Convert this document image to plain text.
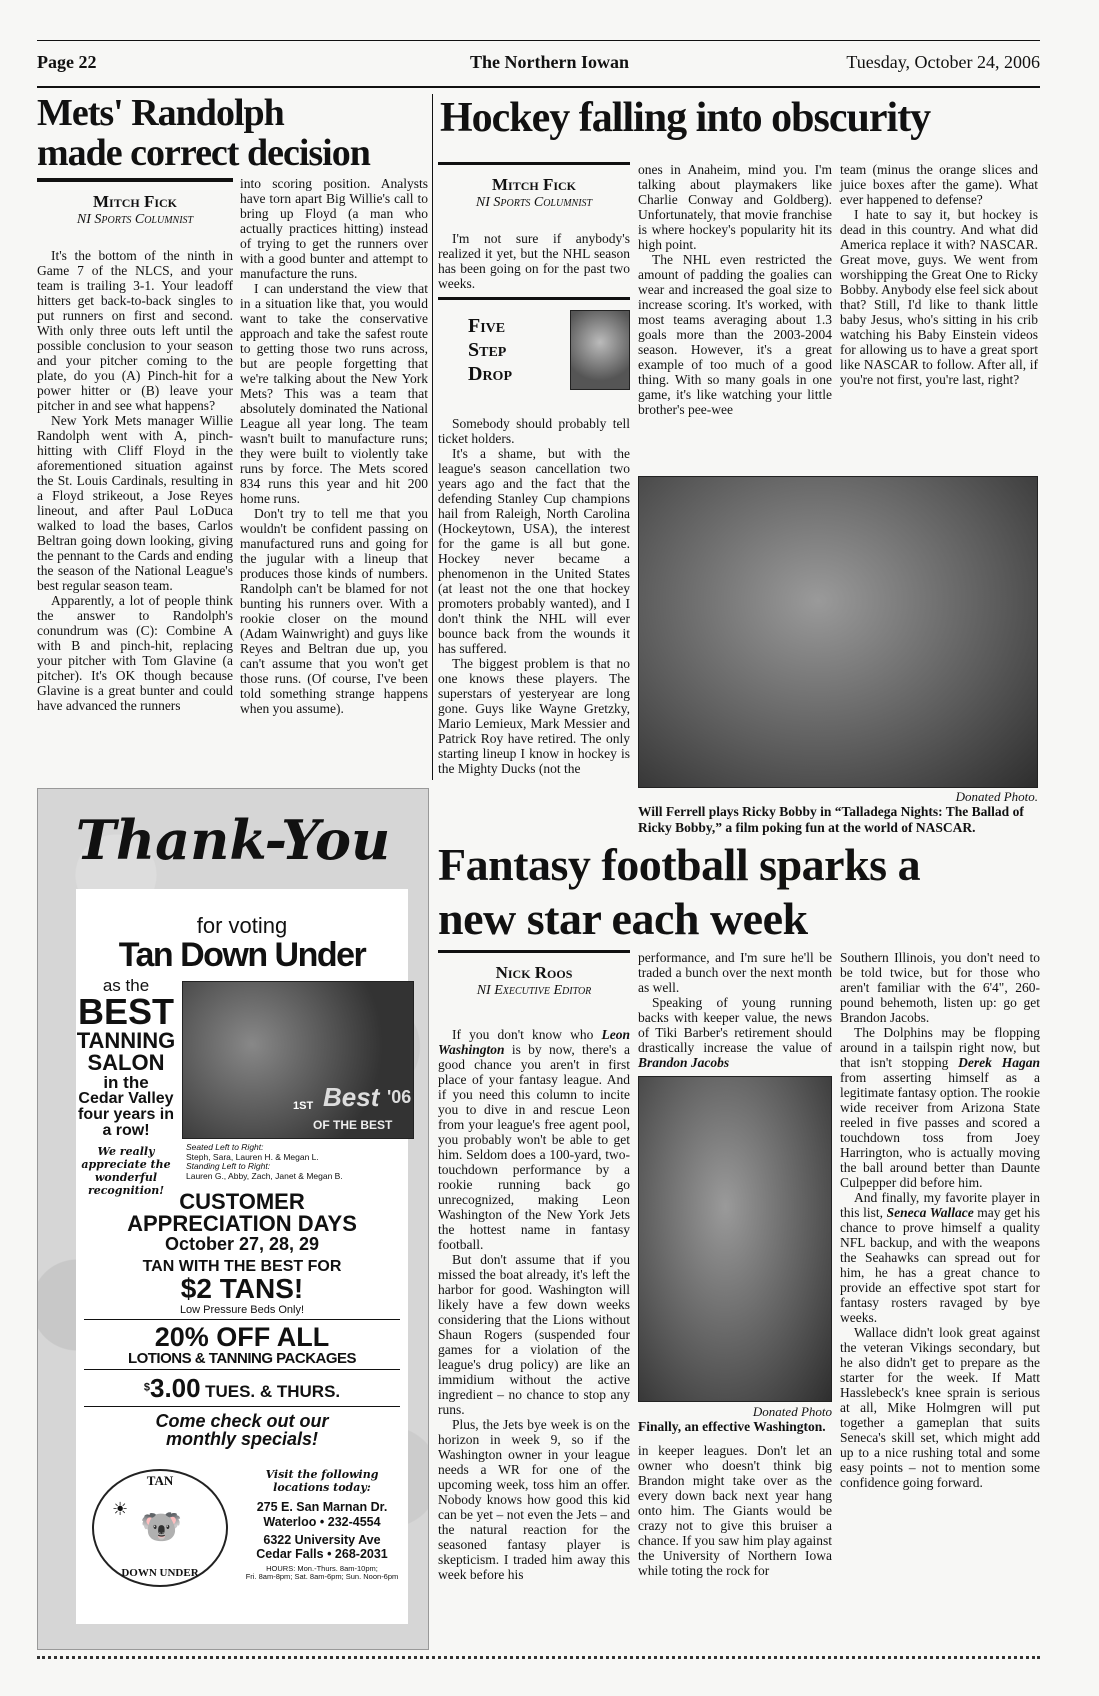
Page 22	The Northern Iowan	Tuesday, October 24, 2006
Mets' Randolph
made correct decision
Mitch Fick
NI Sports Columnist

It's the bottom of the ninth in Game 7 of the NLCS, and your team is trailing 3-1. Your leadoff hitters get back-to-back singles to put runners on first and second. With only three outs left until the possible conclusion to your season and your pitcher coming to the plate, do you (A) Pinch-hit for a power hitter or (B) leave your pitcher in and see what happens?

New York Mets manager Willie Randolph went with A, pinch-hitting with Cliff Floyd in the aforementioned situation against the St. Louis Cardinals, resulting in a Floyd strikeout, a Jose Reyes lineout, and after Paul LoDuca walked to load the bases, Carlos Beltran going down looking, giving the pennant to the Cards and ending the season of the National League's best regular season team.

Apparently, a lot of people think the answer to Randolph's conundrum was (C): Combine A with B and pinch-hit, replacing your pitcher with Tom Glavine (a pitcher). It's OK though because Glavine is a great bunter and could have advanced the runners

into scoring position. Analysts have torn apart Big Willie's call to bring up Floyd (a man who actually practices hitting) instead of trying to get the runners over with a good bunter and attempt to manufacture the runs.

I can understand the view that in a situation like that, you would want to take the conservative approach and take the safest route to getting those two runs across, but are people forgetting that we're talking about the New York Mets? This was a team that absolutely dominated the National League all year long. The team wasn't built to manufacture runs; they were built to violently take runs by force. The Mets scored 834 runs this year and hit 200 home runs.

Don't try to tell me that you wouldn't be confident passing on manufactured runs and going for the jugular with a lineup that produces those kinds of numbers. Randolph can't be blamed for not bunting his runners over. With a rookie closer on the mound (Adam Wainwright) and guys like Reyes and Beltran due up, you can't assume that you won't get those runs. (Of course, I've been told something strange happens when you assume).

Hockey falling into obscurity
Mitch Fick
NI Sports Columnist

I'm not sure if anybody's realized it yet, but the NHL season has been going on for the past two weeks.

Five
Step
Drop

Somebody should probably tell ticket holders.

It's a shame, but with the league's season cancellation two years ago and the fact that the defending Stanley Cup champions hail from Raleigh, North Carolina (Hockeytown, USA), the interest for the game is all but gone. Hockey never became a phenomenon in the United States (at least not the one that hockey promoters probably wanted), and I don't think the NHL will ever bounce back from the wounds it has suffered.

The biggest problem is that no one knows these players. The superstars of yesteryear are long gone. Guys like Wayne Gretzky, Mario Lemieux, Mark Messier and Patrick Roy have retired. The only starting lineup I know in hockey is the Mighty Ducks (not the

ones in Anaheim, mind you. I'm talking about playmakers like Charlie Conway and Goldberg). Unfortunately, that movie franchise is where hockey's popularity hit its high point.

The NHL even restricted the amount of padding the goalies can wear and increased the goal size to increase scoring. It's worked, with most teams averaging about 1.3 goals more than the 2003-2004 season. However, it's a great example of too much of a good thing. With so many goals in one game, it's like watching your little brother's pee-wee

team (minus the orange slices and juice boxes after the game). What ever happened to defense?

I hate to say it, but hockey is dead in this country. And what did America replace it with? NASCAR. Great move, guys. We went from worshipping the Great One to Ricky Bobby. Anybody else feel sick about that? Still, I'd like to thank little baby Jesus, who's sitting in his crib watching his Baby Einstein videos for allowing us to have a great sport like NASCAR to follow. After all, if you're not first, you're last, right?

Donated Photo.
Will Ferrell plays Ricky Bobby in “Talladega Nights: The Ballad of Ricky Bobby,” a film poking fun at the world of NASCAR.
Fantasy football sparks a
new star each week
Nick Roos
NI Executive Editor

If you don't know who Leon Washington is by now, there's a good chance you aren't in first place of your fantasy league. And if you need this column to incite you to dive in and rescue Leon from your league's free agent pool, you probably won't be able to get him. Seldom does a 100-yard, two-touchdown performance by a rookie running back go unrecognized, making Leon Washington of the New York Jets the hottest name in fantasy football.

But don't assume that if you missed the boat already, it's left the harbor for good. Washington will likely have a few down weeks considering that the Lions without Shaun Rogers (suspended four games for a violation of the league's drug policy) are like an immidium without the active ingredient – no chance to stop any runs.

Plus, the Jets bye week is on the horizon in week 9, so if the Washington owner in your league needs a WR for one of the upcoming week, toss him an offer. Nobody knows how good this kid can be yet – not even the Jets – and the natural reaction for the seasoned fantasy player is skepticism. I traded him away this week before his

performance, and I'm sure he'll be traded a bunch over the next month as well.

Speaking of young running backs with keeper value, the news of Tiki Barber's retirement should drastically increase the value of Brandon Jacobs

Donated Photo
Finally, an effective Washington.

in keeper leagues. Don't let an owner who doesn't think big Brandon might take over as the every down back next year hang onto him. The Giants would be crazy not to give this bruiser a chance. If you saw him play against the University of Northern Iowa while toting the rock for

Southern Illinois, you don't need to be told twice, but for those who aren't familiar with the 6'4", 260-pound behemoth, listen up: go get Brandon Jacobs.

The Dolphins may be flopping around in a tailspin right now, but that isn't stopping Derek Hagan from asserting himself as a legitimate fantasy option. The rookie wide receiver from Arizona State reeled in five passes and scored a touchdown toss from Joey Harrington, who is actually moving the ball around better than Daunte Culpepper did before him.

And finally, my favorite player in this list, Seneca Wallace may get his chance to prove himself a quality NFL backup, and with the weapons the Seahawks can spread out for him, he has a great chance to provide an effective spot start for fantasy rosters ravaged by bye weeks.

Wallace didn't look great against the veteran Vikings secondary, but he also didn't get to prepare as the starter for the week. If Matt Hasslebeck's knee sprain is serious at all, Mike Holmgren will put together a gameplan that suits Seneca's skill set, which might add up to a nice rushing total and some easy points – not to mention some confidence going forward.

Thank-You
for voting
Tan Down Under
as the
BEST
TANNING
SALON
in the
Cedar Valley
four years in
a row!
We really appreciate the wonderful recognition!
1ST Best '06
OF THE BEST
Seated Left to Right:
Steph, Sara, Lauren H. & Megan L.
Standing Left to Right:
Lauren G., Abby, Zach, Janet & Megan B.
CUSTOMER
APPRECIATION DAYS
October 27, 28, 29
TAN WITH THE BEST FOR
$2 TANS!
Low Pressure Beds Only!
20% OFF ALL
LOTIONS & TANNING PACKAGES
$3.00 TUES. & THURS.
Come check out our
monthly specials!
TAN
🐨
☀
DOWN UNDER
Visit the following locations today:
275 E. San Marnan Dr.
Waterloo • 232-4554
6322 University Ave
Cedar Falls • 268-2031
HOURS: Mon.-Thurs. 8am-10pm;
Fri. 8am-8pm; Sat. 8am-6pm; Sun. Noon-6pm
